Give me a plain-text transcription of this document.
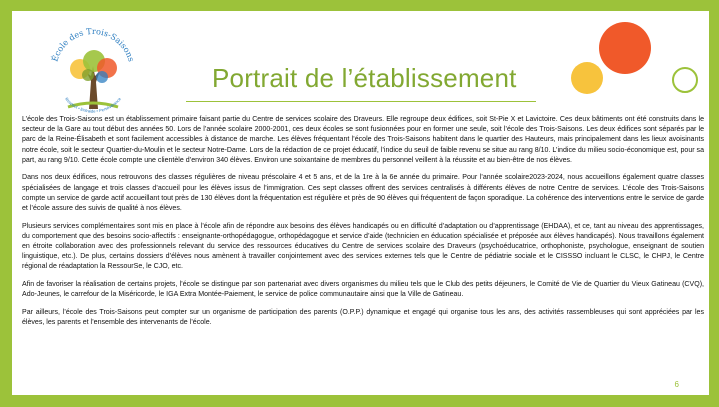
École des Trois-Saisons
Respect • Entraide • Persévérance
Portrait de l’établissement

L’école des Trois-Saisons est un établissement primaire faisant partie du Centre de services scolaire des Draveurs. Elle regroupe deux édifices, soit St-Pie X et Lavictoire. Ces deux bâtiments ont été construits dans le secteur de la Gare au tout début des années 50. Lors de l’année scolaire 2000-2001, ces deux écoles se sont fusionnées pour en former une seule, soit l’école des Trois-Saisons. Les deux édifices sont séparés par le parc de la Reine-Élisabeth et sont facilement accessibles à distance de marche. Les élèves fréquentant l’école des Trois-Saisons habitent dans le quartier des Hauteurs, mais principalement dans les lieux avoisinants notre école, soit le secteur Quartier-du-Moulin et le secteur Notre-Dame. Lors de la rédaction de ce projet éducatif, l’indice du seuil de faible revenu se situe au rang 8/10. L’indice du milieu socio-économique est, pour sa part, au rang 9/10. Cette école compte une clientèle d’environ 340 élèves. Environ une soixantaine de membres du personnel veillent à la réussite et au bien-être de nos élèves.

Dans nos deux édifices, nous retrouvons des classes régulières de niveau préscolaire 4 et 5 ans, et de la 1re à la 6e année du primaire. Pour l’année scolaire2023-2024, nous accueillons également quatre classes spécialisées de langage et trois classes d’accueil pour les élèves issus de l’immigration. Ces sept classes offrent des services centralisés à différents élèves de notre Centre de services. L’école des Trois-Saisons compte un service de garde actif accueillant tout près de 130 élèves dont la fréquentation est régulière et près de 90 élèves qui fréquentent de façon sporadique. La cohérence des interventions entre le service de garde et l’école assure des suivis de qualité à nos élèves.

Plusieurs services complémentaires sont mis en place à l’école afin de répondre aux besoins des élèves handicapés ou en difficulté d’adaptation ou d’apprentissage (EHDAA), et ce, tant au niveau des apprentissages, du comportement que des besoins socio-affectifs : enseignante-orthopédagogue, orthopédagogue et service d’aide (technicien en éducation spécialisée et préposée aux élèves handicapés). Nous travaillons également en étroite collaboration avec des professionnels relevant du service des ressources éducatives du Centre de services scolaire des Draveurs (psychoéducatrice, orthophoniste, psychologue, enseignant de soutien linguistique, etc.). De plus, certains dossiers d’élèves nous amènent à travailler conjointement avec des services externes tels que le Centre de pédiatrie sociale et le CISSSO incluant le CLSC, le CHPJ, le Centre régional de réadaptation la RessourSe, le CJO, etc.

Afin de favoriser la réalisation de certains projets, l’école se distingue par son partenariat avec divers organismes du milieu tels que le Club des petits déjeuners, le Comité de Vie de Quartier du Vieux Gatineau (CVQ), Ado-Jeunes, le carrefour de la Miséricorde, le IGA Extra Montée-Paiement, le service de police communautaire ainsi que la Ville de Gatineau.

Par ailleurs, l’école des Trois-Saisons peut compter sur un organisme de participation des parents (O.P.P.) dynamique et engagé qui organise tous les ans, des activités rassembleuses qui sont appréciées par les élèves, les parents et l’ensemble des intervenants de l’école.

6
